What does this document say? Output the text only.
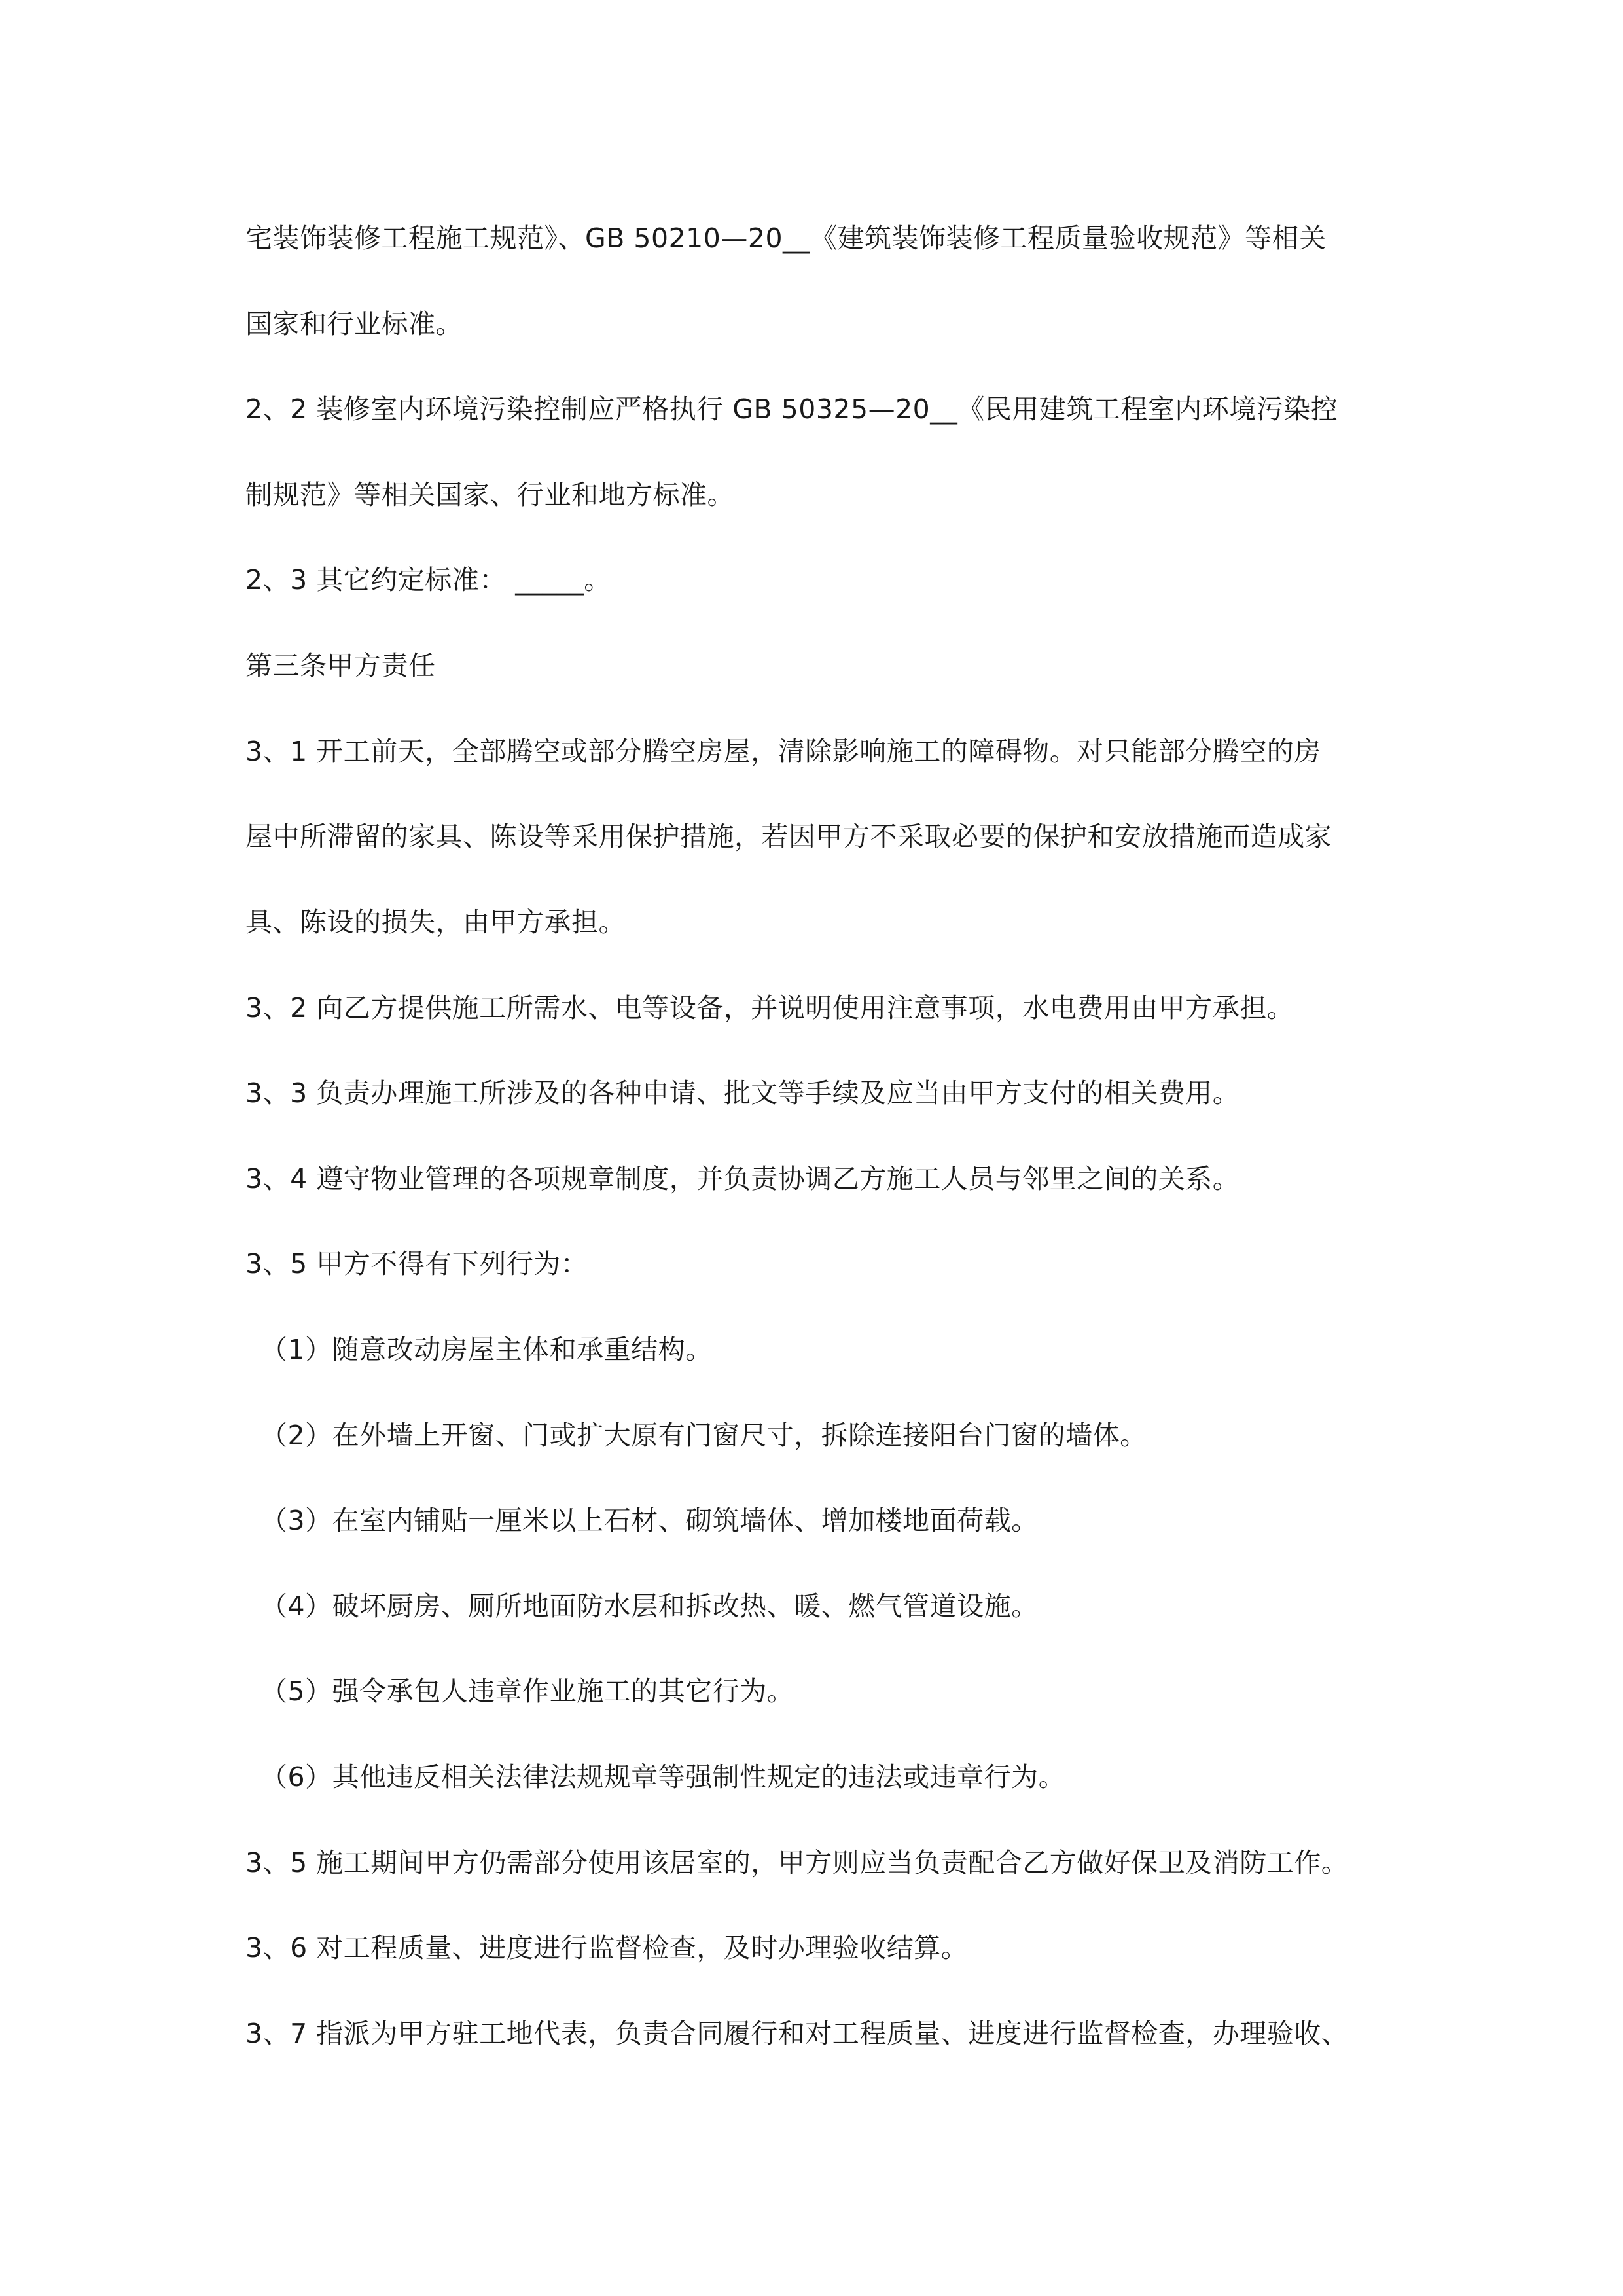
宅装饰装修工程施工规范》、GB 50210—20__《建筑装饰装修工程质量验收规范》等相关
国家和行业标准。
2、2 装修室内环境污染控制应严格执行 GB 50325—20__《民用建筑工程室内环境污染控
制规范》等相关国家、行业和地方标准。
2、3 其它约定标准： _____。
第三条甲方责任
3、1 开工前天，全部腾空或部分腾空房屋，清除影响施工的障碍物。对只能部分腾空的房
屋中所滞留的家具、陈设等采用保护措施，若因甲方不采取必要的保护和安放措施而造成家
具、陈设的损失，由甲方承担。
3、2 向乙方提供施工所需水、电等设备，并说明使用注意事项，水电费用由甲方承担。
3、3 负责办理施工所涉及的各种申请、批文等手续及应当由甲方支付的相关费用。
3、4 遵守物业管理的各项规章制度，并负责协调乙方施工人员与邻里之间的关系。
3、5 甲方不得有下列行为：
（1）随意改动房屋主体和承重结构。
（2）在外墙上开窗、门或扩大原有门窗尺寸，拆除连接阳台门窗的墙体。
（3）在室内铺贴一厘米以上石材、砌筑墙体、增加楼地面荷载。
（4）破坏厨房、厕所地面防水层和拆改热、暖、燃气管道设施。
（5）强令承包人违章作业施工的其它行为。
（6）其他违反相关法律法规规章等强制性规定的违法或违章行为。
3、5 施工期间甲方仍需部分使用该居室的，甲方则应当负责配合乙方做好保卫及消防工作。
3、6 对工程质量、进度进行监督检查，及时办理验收结算。
3、7 指派为甲方驻工地代表，负责合同履行和对工程质量、进度进行监督检查，办理验收、
